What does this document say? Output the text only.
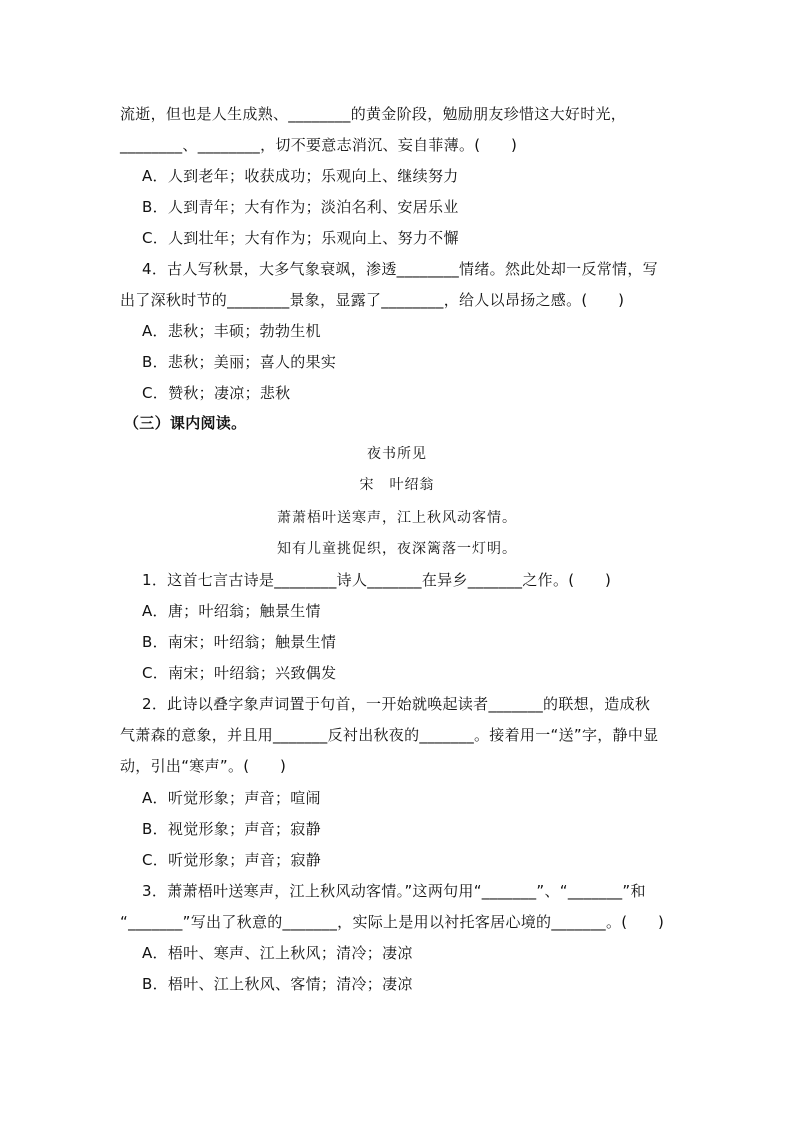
流逝，但也是人生成熟、________的黄金阶段，勉励朋友珍惜这大好时光，
________、________，切不要意志消沉、妄自菲薄。(　　)
A．人到老年；收获成功；乐观向上、继续努力
B．人到青年；大有作为；淡泊名利、安居乐业
C．人到壮年；大有作为；乐观向上、努力不懈
4．古人写秋景，大多气象衰飒，渗透________情绪。然此处却一反常情，写
出了深秋时节的________景象，显露了________，给人以昂扬之感。(　　)
A．悲秋；丰硕；勃勃生机
B．悲秋；美丽；喜人的果实
C．赞秋；凄凉；悲秋
（三）课内阅读。
夜书所见
宋　叶绍翁
萧萧梧叶送寒声，江上秋风动客情。
知有儿童挑促织，夜深篱落一灯明。
1．这首七言古诗是________诗人_______在异乡_______之作。(　　)
A．唐；叶绍翁；触景生情
B．南宋；叶绍翁；触景生情
C．南宋；叶绍翁；兴致偶发
2．此诗以叠字象声词置于句首，一开始就唤起读者_______的联想，造成秋
气萧森的意象，并且用_______反衬出秋夜的_______。接着用一“送”字，静中显
动，引出“寒声”。(　　)
A．听觉形象；声音；喧闹
B．视觉形象；声音；寂静
C．听觉形象；声音；寂静
3．萧萧梧叶送寒声，江上秋风动客情。”这两句用“_______”、“_______”和
“_______”写出了秋意的_______，实际上是用以衬托客居心境的_______。(　　)
A．梧叶、寒声、江上秋风；清冷；凄凉
B．梧叶、江上秋风、客情；清冷；凄凉
